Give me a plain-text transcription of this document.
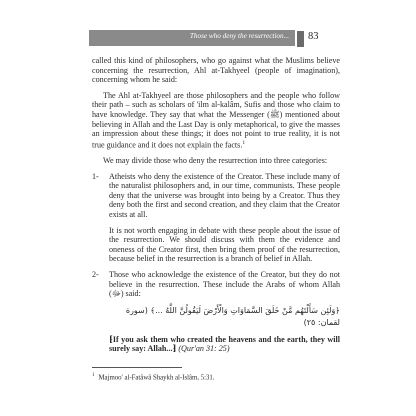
Those who deny the resurrection... 83

called this kind of philosophers, who go against what the Muslims believe concerning the resurrection, Ahl at-Takhyeel (people of imagination), concerning whom he said:

The Ahl at-Takhyeel are those philosophers and the people who follow their path – such as scholars of 'ilm al-kalâm, Sufis and those who claim to have knowledge. They say that what the Messenger (ﷺ) mentioned about believing in Allah and the Last Day is only metaphorical, to give the masses an impression about these things; it does not point to true reality, it is not true guidance and it does not explain the facts.$^1$

We may divide those who deny the resurrection into three categories:

1- Atheists who deny the existence of the Creator. These include many of the naturalist philosophers and, in our time, communists. These people deny that the universe was brought into being by a Creator. Thus they deny both the first and second creation, and they claim that the Creator exists at all.

It is not worth engaging in debate with these people about the issue of the resurrection. We should discuss with them the evidence and oneness of the Creator first, then bring them proof of the resurrection, because belief in the resurrection is a branch of belief in Allah.

2- Those who acknowledge the existence of the Creator, but they do not believe in the resurrection. These include the Arabs of whom Allah (ﷻ) said:

﴿وَلَئِن سَأَلْتَهُم مَّنْ خَلَقَ السَّمَاوَاتِ وَالْأَرْضَ لَيَقُولُنَّ اللَّهُ ...﴾ (سورة لقمان: ٢٥)

⁅If you ask them who created the heavens and the earth, they will surely say: Allah...⁆ (Qur'an 31: 25)

$^1$ Majmoo' al-Fatâwâ Shaykh al-Islâm, 5:31.
